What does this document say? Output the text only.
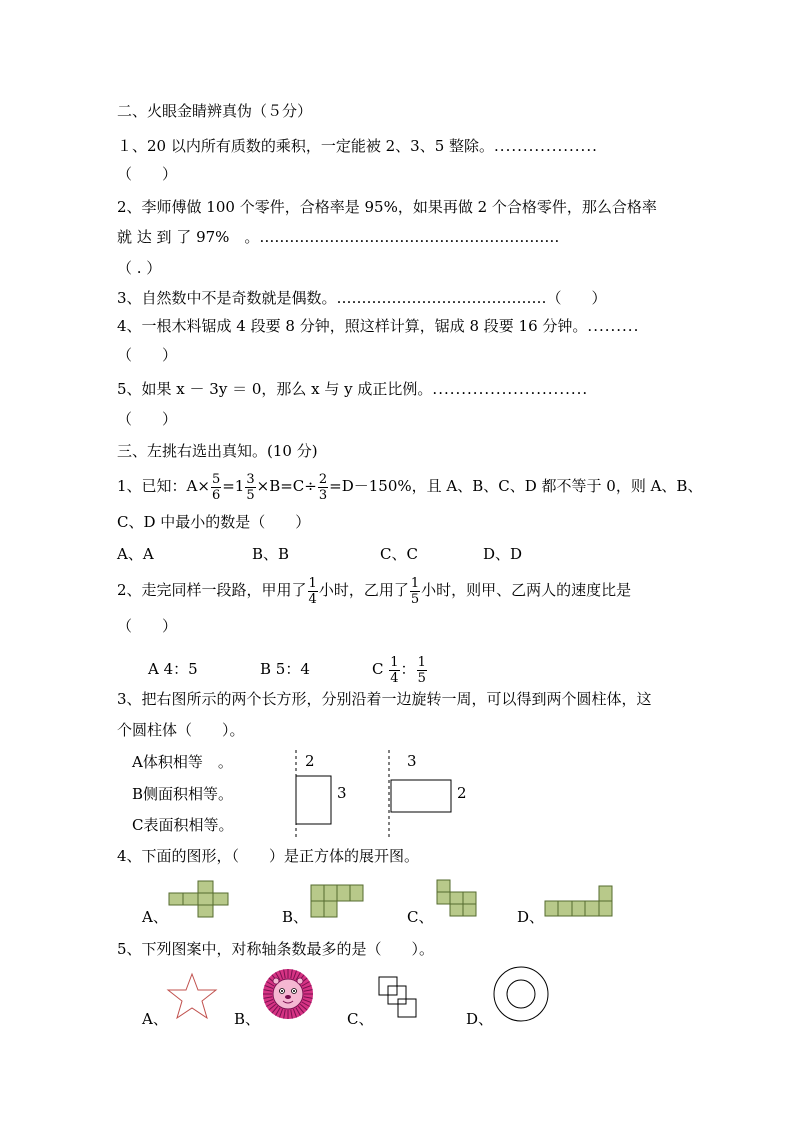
二、火眼金睛辨真伪（５分）
１、20 以内所有质数的乘积，一定能被 2、3、5 整除。..................
（　　）
2、李师傅做 100 个零件，合格率是 95%，如果再做 2 个合格零件，那么合格率
就 达 到 了 97%　。……………………………………………………
（ . ）
3、自然数中不是奇数就是偶数。……………………………………（　　）
4、一根木料锯成 4 段要 8 分钟，照这样计算，锯成 8 段要 16 分钟。.........
（　　）
5、如果 x － 3y ＝ 0，那么 x 与 y 成正比例。...........................
（　　）
三、左挑右选出真知。(10 分)
1、已知：$A\times \frac{5}{6} =1 \frac{3}{5} \times B=C\div \frac{2}{3} =D-150\%$，且 A、B、C、D 都不等于 0，则 A、B、
C、D 中最小的数是（　　）
A、A	B、B	C、C	D、D
2、走完同样一段路，甲用了 $\frac{1}{4}$ 小时，乙用了 $\frac{1}{5}$ 小时，则甲、乙两人的速度比是
（　　）
A 4：5	B 5：4	C $\frac{1}{4}$ ： $\frac{1}{5}$
3、把右图所示的两个长方形，分别沿着一边旋转一周，可以得到两个圆柱体，这
个圆柱体（　　）。
A体积相等　。
B侧面积相等。
C表面积相等。
2
3
3
2
4、下面的图形，（　　）是正方体的展开图。
A、	B、	C、	D、
5、下列图案中，对称轴条数最多的是（　　）。
A、	B、	C、	D、
